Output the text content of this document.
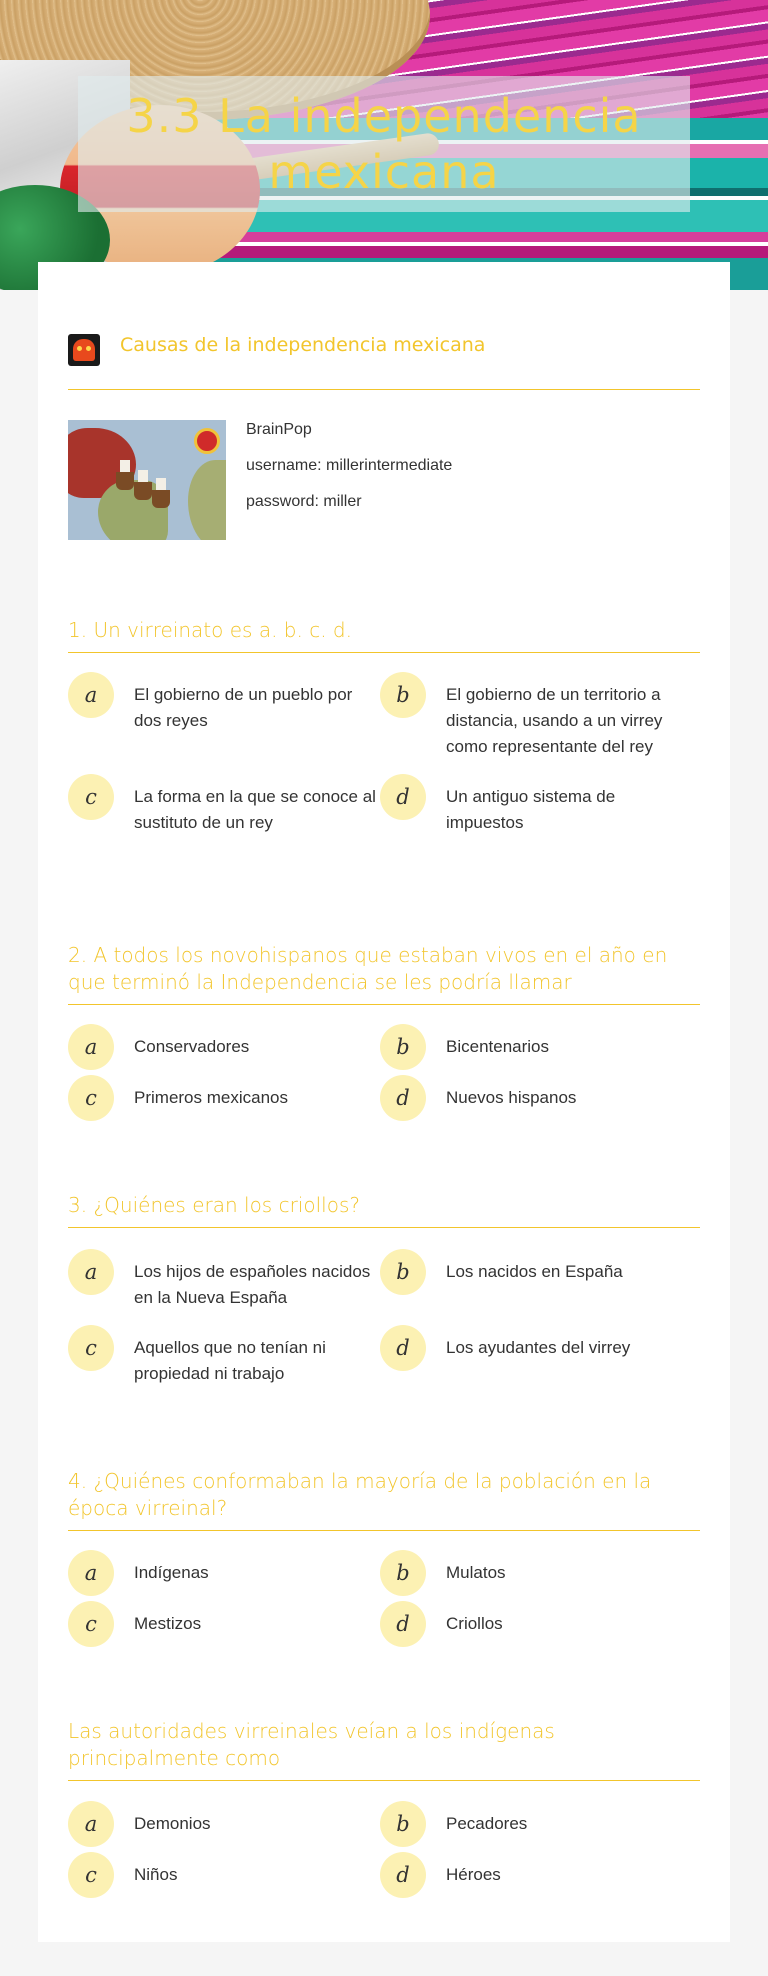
3.3 La independencia mexicana
Causas de la independencia mexicana
BrainPop
username: millerintermediate
password: miller
1. Un virreinato es a. b. c. d.
a	El gobierno de un pueblo por dos reyes
b	El gobierno de un territorio a distancia, usando a un virrey como representante del rey
c	La forma en la que se conoce al sustituto de un rey
d	Un antiguo sistema de impuestos
2. A todos los novohispanos que estaban vivos en el año en que terminó la Independencia se les podría llamar
a	Conservadores	b	Bicentenarios
c	Primeros mexicanos	d	Nuevos hispanos
3. ¿Quiénes eran los criollos?
a	Los hijos de españoles nacidos en la Nueva España
b	Los nacidos en España
c	Aquellos que no tenían ni propiedad ni trabajo
d	Los ayudantes del virrey
4. ¿Quiénes conformaban la mayoría de la población en la época virreinal?
a	Indígenas	b	Mulatos
c	Mestizos	d	Criollos
Las autoridades virreinales veían a los indígenas principalmente como
a	Demonios	b	Pecadores
c	Niños	d	Héroes
